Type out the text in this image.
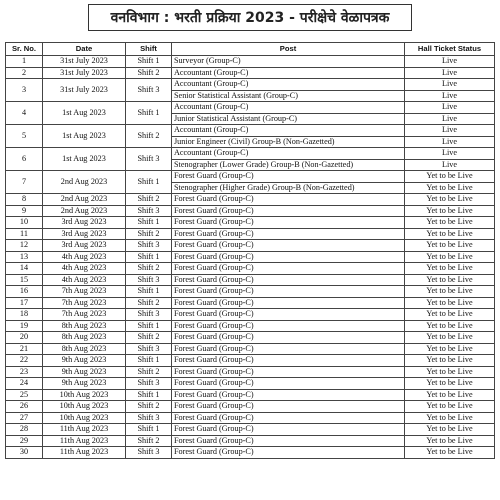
वनविभाग : भरती प्रक्रिया 2023 - परीक्षेचे वेळापत्रक
Sr. No.	Date	Shift	Post	Hall Ticket Status
1	31st July 2023	Shift 1	Surveyor (Group-C)	Live
2	31st July 2023	Shift 2	Accountant (Group-C)	Live
3	31st July 2023	Shift 3	Accountant (Group-C)	Live
			Senior Statistical Assistant (Group-C)	Live
4	1st Aug 2023	Shift 1	Accountant (Group-C)	Live
			Junior Statistical Assistant (Group-C)	Live
5	1st Aug 2023	Shift 2	Accountant (Group-C)	Live
			Junior Engineer (Civil) Group-B (Non-Gazetted)	Live
6	1st Aug 2023	Shift 3	Accountant (Group-C)	Live
			Stenographer (Lower Grade) Group-B (Non-Gazetted)	Live
7	2nd Aug 2023	Shift 1	Forest Guard (Group-C)	Yet to be Live
			Stenographer (Higher Grade) Group-B (Non-Gazetted)	Yet to be Live
8	2nd Aug 2023	Shift 2	Forest Guard (Group-C)	Yet to be Live
9	2nd Aug 2023	Shift 3	Forest Guard (Group-C)	Yet to be Live
10	3rd Aug 2023	Shift 1	Forest Guard (Group-C)	Yet to be Live
11	3rd Aug 2023	Shift 2	Forest Guard (Group-C)	Yet to be Live
12	3rd Aug 2023	Shift 3	Forest Guard (Group-C)	Yet to be Live
13	4th Aug 2023	Shift 1	Forest Guard (Group-C)	Yet to be Live
14	4th Aug 2023	Shift 2	Forest Guard (Group-C)	Yet to be Live
15	4th Aug 2023	Shift 3	Forest Guard (Group-C)	Yet to be Live
16	7th Aug 2023	Shift 1	Forest Guard (Group-C)	Yet to be Live
17	7th Aug 2023	Shift 2	Forest Guard (Group-C)	Yet to be Live
18	7th Aug 2023	Shift 3	Forest Guard (Group-C)	Yet to be Live
19	8th Aug 2023	Shift 1	Forest Guard (Group-C)	Yet to be Live
20	8th Aug 2023	Shift 2	Forest Guard (Group-C)	Yet to be Live
21	8th Aug 2023	Shift 3	Forest Guard (Group-C)	Yet to be Live
22	9th Aug 2023	Shift 1	Forest Guard (Group-C)	Yet to be Live
23	9th Aug 2023	Shift 2	Forest Guard (Group-C)	Yet to be Live
24	9th Aug 2023	Shift 3	Forest Guard (Group-C)	Yet to be Live
25	10th Aug 2023	Shift 1	Forest Guard (Group-C)	Yet to be Live
26	10th Aug 2023	Shift 2	Forest Guard (Group-C)	Yet to be Live
27	10th Aug 2023	Shift 3	Forest Guard (Group-C)	Yet to be Live
28	11th Aug 2023	Shift 1	Forest Guard (Group-C)	Yet to be Live
29	11th Aug 2023	Shift 2	Forest Guard (Group-C)	Yet to be Live
30	11th Aug 2023	Shift 3	Forest Guard (Group-C)	Yet to be Live
